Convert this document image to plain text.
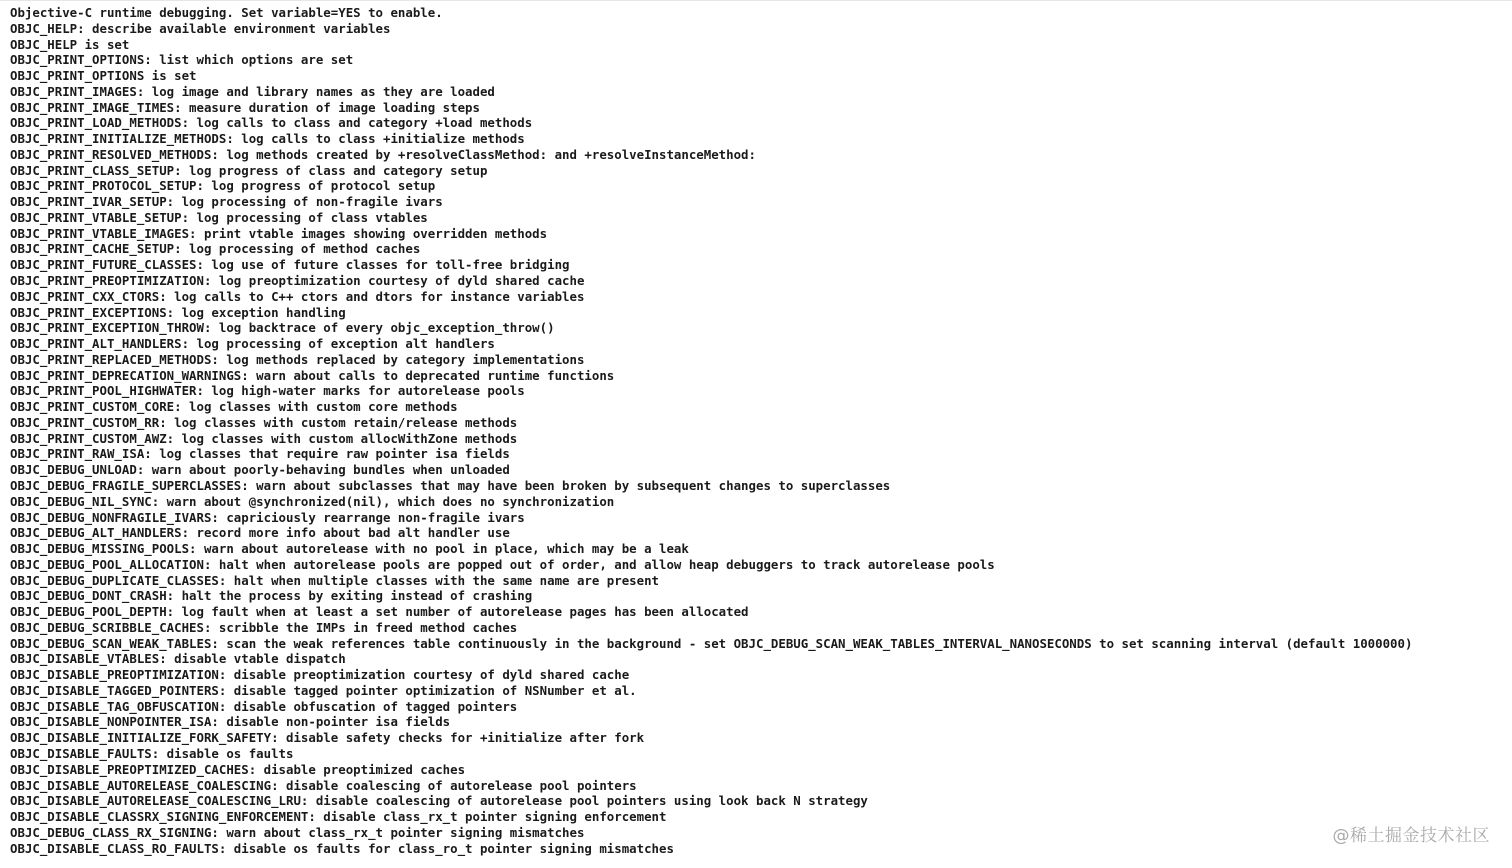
Objective-C runtime debugging. Set variable=YES to enable.
OBJC_HELP: describe available environment variables
OBJC_HELP is set
OBJC_PRINT_OPTIONS: list which options are set
OBJC_PRINT_OPTIONS is set
OBJC_PRINT_IMAGES: log image and library names as they are loaded
OBJC_PRINT_IMAGE_TIMES: measure duration of image loading steps
OBJC_PRINT_LOAD_METHODS: log calls to class and category +load methods
OBJC_PRINT_INITIALIZE_METHODS: log calls to class +initialize methods
OBJC_PRINT_RESOLVED_METHODS: log methods created by +resolveClassMethod: and +resolveInstanceMethod:
OBJC_PRINT_CLASS_SETUP: log progress of class and category setup
OBJC_PRINT_PROTOCOL_SETUP: log progress of protocol setup
OBJC_PRINT_IVAR_SETUP: log processing of non-fragile ivars
OBJC_PRINT_VTABLE_SETUP: log processing of class vtables
OBJC_PRINT_VTABLE_IMAGES: print vtable images showing overridden methods
OBJC_PRINT_CACHE_SETUP: log processing of method caches
OBJC_PRINT_FUTURE_CLASSES: log use of future classes for toll-free bridging
OBJC_PRINT_PREOPTIMIZATION: log preoptimization courtesy of dyld shared cache
OBJC_PRINT_CXX_CTORS: log calls to C++ ctors and dtors for instance variables
OBJC_PRINT_EXCEPTIONS: log exception handling
OBJC_PRINT_EXCEPTION_THROW: log backtrace of every objc_exception_throw()
OBJC_PRINT_ALT_HANDLERS: log processing of exception alt handlers
OBJC_PRINT_REPLACED_METHODS: log methods replaced by category implementations
OBJC_PRINT_DEPRECATION_WARNINGS: warn about calls to deprecated runtime functions
OBJC_PRINT_POOL_HIGHWATER: log high-water marks for autorelease pools
OBJC_PRINT_CUSTOM_CORE: log classes with custom core methods
OBJC_PRINT_CUSTOM_RR: log classes with custom retain/release methods
OBJC_PRINT_CUSTOM_AWZ: log classes with custom allocWithZone methods
OBJC_PRINT_RAW_ISA: log classes that require raw pointer isa fields
OBJC_DEBUG_UNLOAD: warn about poorly-behaving bundles when unloaded
OBJC_DEBUG_FRAGILE_SUPERCLASSES: warn about subclasses that may have been broken by subsequent changes to superclasses
OBJC_DEBUG_NIL_SYNC: warn about @synchronized(nil), which does no synchronization
OBJC_DEBUG_NONFRAGILE_IVARS: capriciously rearrange non-fragile ivars
OBJC_DEBUG_ALT_HANDLERS: record more info about bad alt handler use
OBJC_DEBUG_MISSING_POOLS: warn about autorelease with no pool in place, which may be a leak
OBJC_DEBUG_POOL_ALLOCATION: halt when autorelease pools are popped out of order, and allow heap debuggers to track autorelease pools
OBJC_DEBUG_DUPLICATE_CLASSES: halt when multiple classes with the same name are present
OBJC_DEBUG_DONT_CRASH: halt the process by exiting instead of crashing
OBJC_DEBUG_POOL_DEPTH: log fault when at least a set number of autorelease pages has been allocated
OBJC_DEBUG_SCRIBBLE_CACHES: scribble the IMPs in freed method caches
OBJC_DEBUG_SCAN_WEAK_TABLES: scan the weak references table continuously in the background - set OBJC_DEBUG_SCAN_WEAK_TABLES_INTERVAL_NANOSECONDS to set scanning interval (default 1000000)
OBJC_DISABLE_VTABLES: disable vtable dispatch
OBJC_DISABLE_PREOPTIMIZATION: disable preoptimization courtesy of dyld shared cache
OBJC_DISABLE_TAGGED_POINTERS: disable tagged pointer optimization of NSNumber et al.
OBJC_DISABLE_TAG_OBFUSCATION: disable obfuscation of tagged pointers
OBJC_DISABLE_NONPOINTER_ISA: disable non-pointer isa fields
OBJC_DISABLE_INITIALIZE_FORK_SAFETY: disable safety checks for +initialize after fork
OBJC_DISABLE_FAULTS: disable os faults
OBJC_DISABLE_PREOPTIMIZED_CACHES: disable preoptimized caches
OBJC_DISABLE_AUTORELEASE_COALESCING: disable coalescing of autorelease pool pointers
OBJC_DISABLE_AUTORELEASE_COALESCING_LRU: disable coalescing of autorelease pool pointers using look back N strategy
OBJC_DISABLE_CLASSRX_SIGNING_ENFORCEMENT: disable class_rx_t pointer signing enforcement
OBJC_DEBUG_CLASS_RX_SIGNING: warn about class_rx_t pointer signing mismatches
OBJC_DISABLE_CLASS_RO_FAULTS: disable os faults for class_ro_t pointer signing mismatches
@稀土掘金技术社区
